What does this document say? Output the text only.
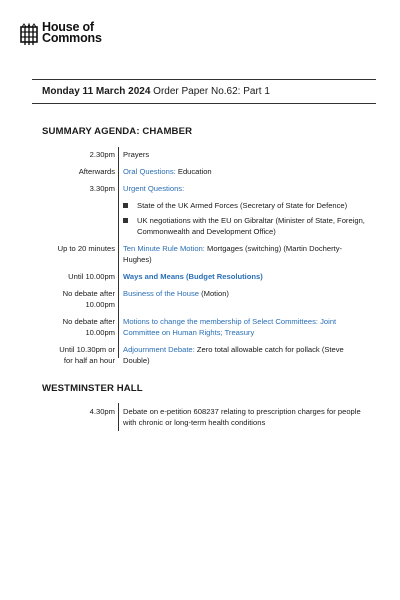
House of
Commons
Monday 11 March 2024 Order Paper No.62: Part 1
SUMMARY AGENDA: CHAMBER
2.30pm Prayers
Afterwards Oral Questions: Education
3.30pm Urgent Questions:
State of the UK Armed Forces (Secretary of State for Defence)
UK negotiations with the EU on Gibraltar (Minister of State, Foreign, Commonwealth and Development Office)
Up to 20 minutes Ten Minute Rule Motion: Mortgages (switching) (Martin Docherty-Hughes)
Until 10.00pm Ways and Means (Budget Resolutions)
No debate after
10.00pm
Business of the House (Motion)

No debate after
10.00pm
Motions to change the membership of Select Committees: Joint Committee on Human Rights; Treasury
Until 10.30pm or
for half an hour
Adjournment Debate: Zero total allowable catch for pollack (Steve Double)
WESTMINSTER HALL
4.30pm Debate on e-petition 608237 relating to prescription charges for people with chronic or long-term health conditions
